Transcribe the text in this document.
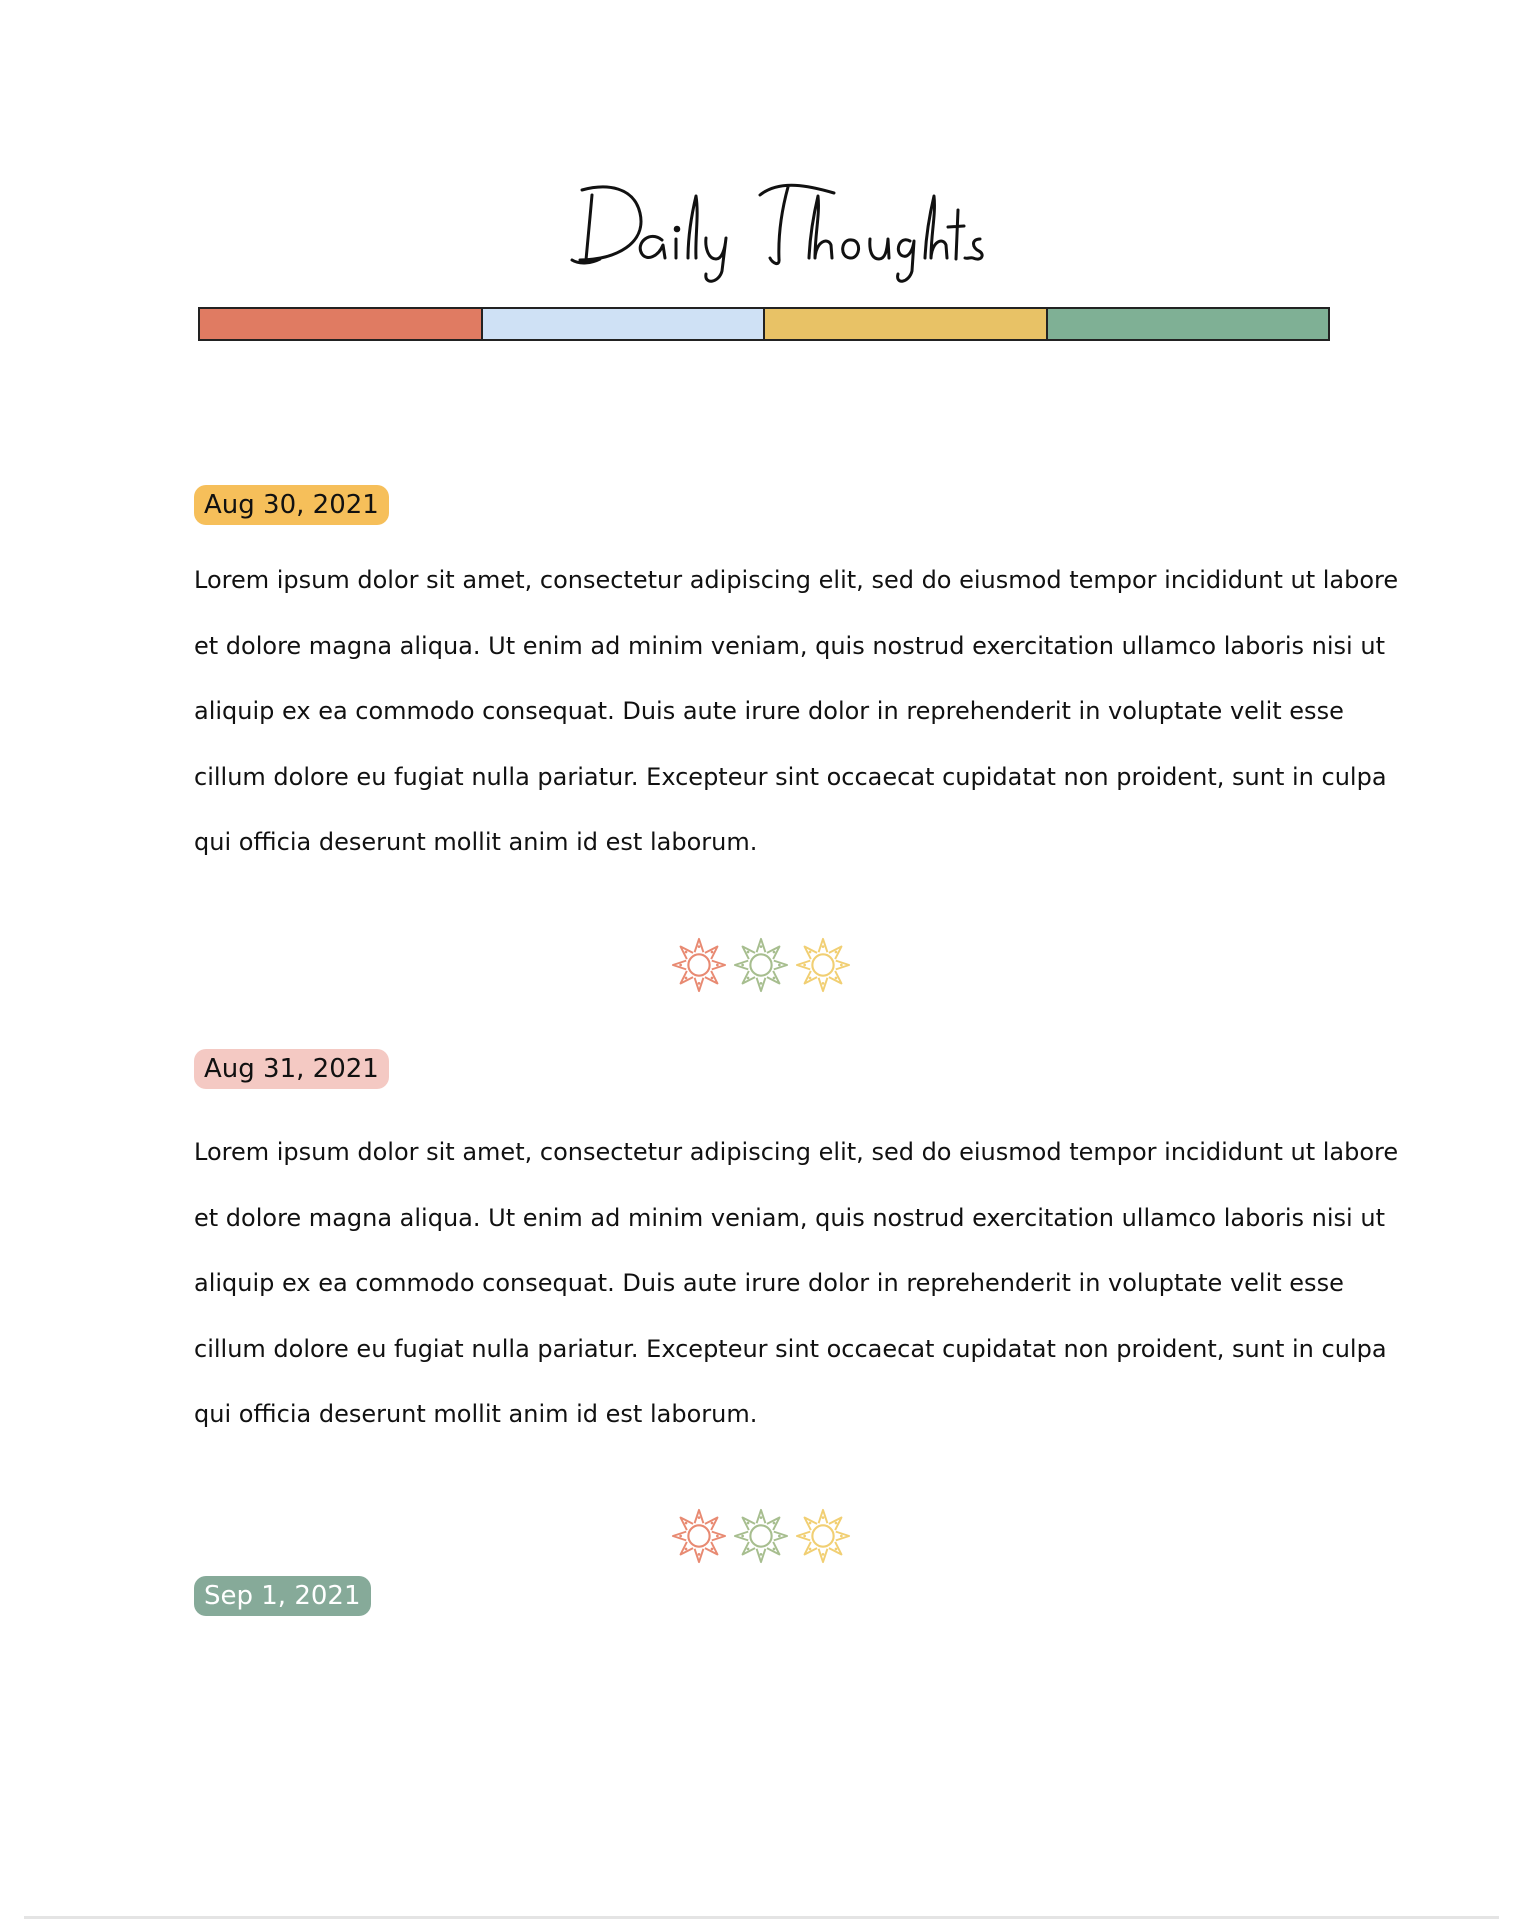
Aug 30, 2021
Lorem ipsum dolor sit amet, consectetur adipiscing elit, sed do eiusmod tempor incididunt ut labore
et dolore magna aliqua. Ut enim ad minim veniam, quis nostrud exercitation ullamco laboris nisi ut
aliquip ex ea commodo consequat. Duis aute irure dolor in reprehenderit in voluptate velit esse
cillum dolore eu fugiat nulla pariatur. Excepteur sint occaecat cupidatat non proident, sunt in culpa
qui officia deserunt mollit anim id est laborum.
Aug 31, 2021
Lorem ipsum dolor sit amet, consectetur adipiscing elit, sed do eiusmod tempor incididunt ut labore
et dolore magna aliqua. Ut enim ad minim veniam, quis nostrud exercitation ullamco laboris nisi ut
aliquip ex ea commodo consequat. Duis aute irure dolor in reprehenderit in voluptate velit esse
cillum dolore eu fugiat nulla pariatur. Excepteur sint occaecat cupidatat non proident, sunt in culpa
qui officia deserunt mollit anim id est laborum.
Sep 1, 2021
